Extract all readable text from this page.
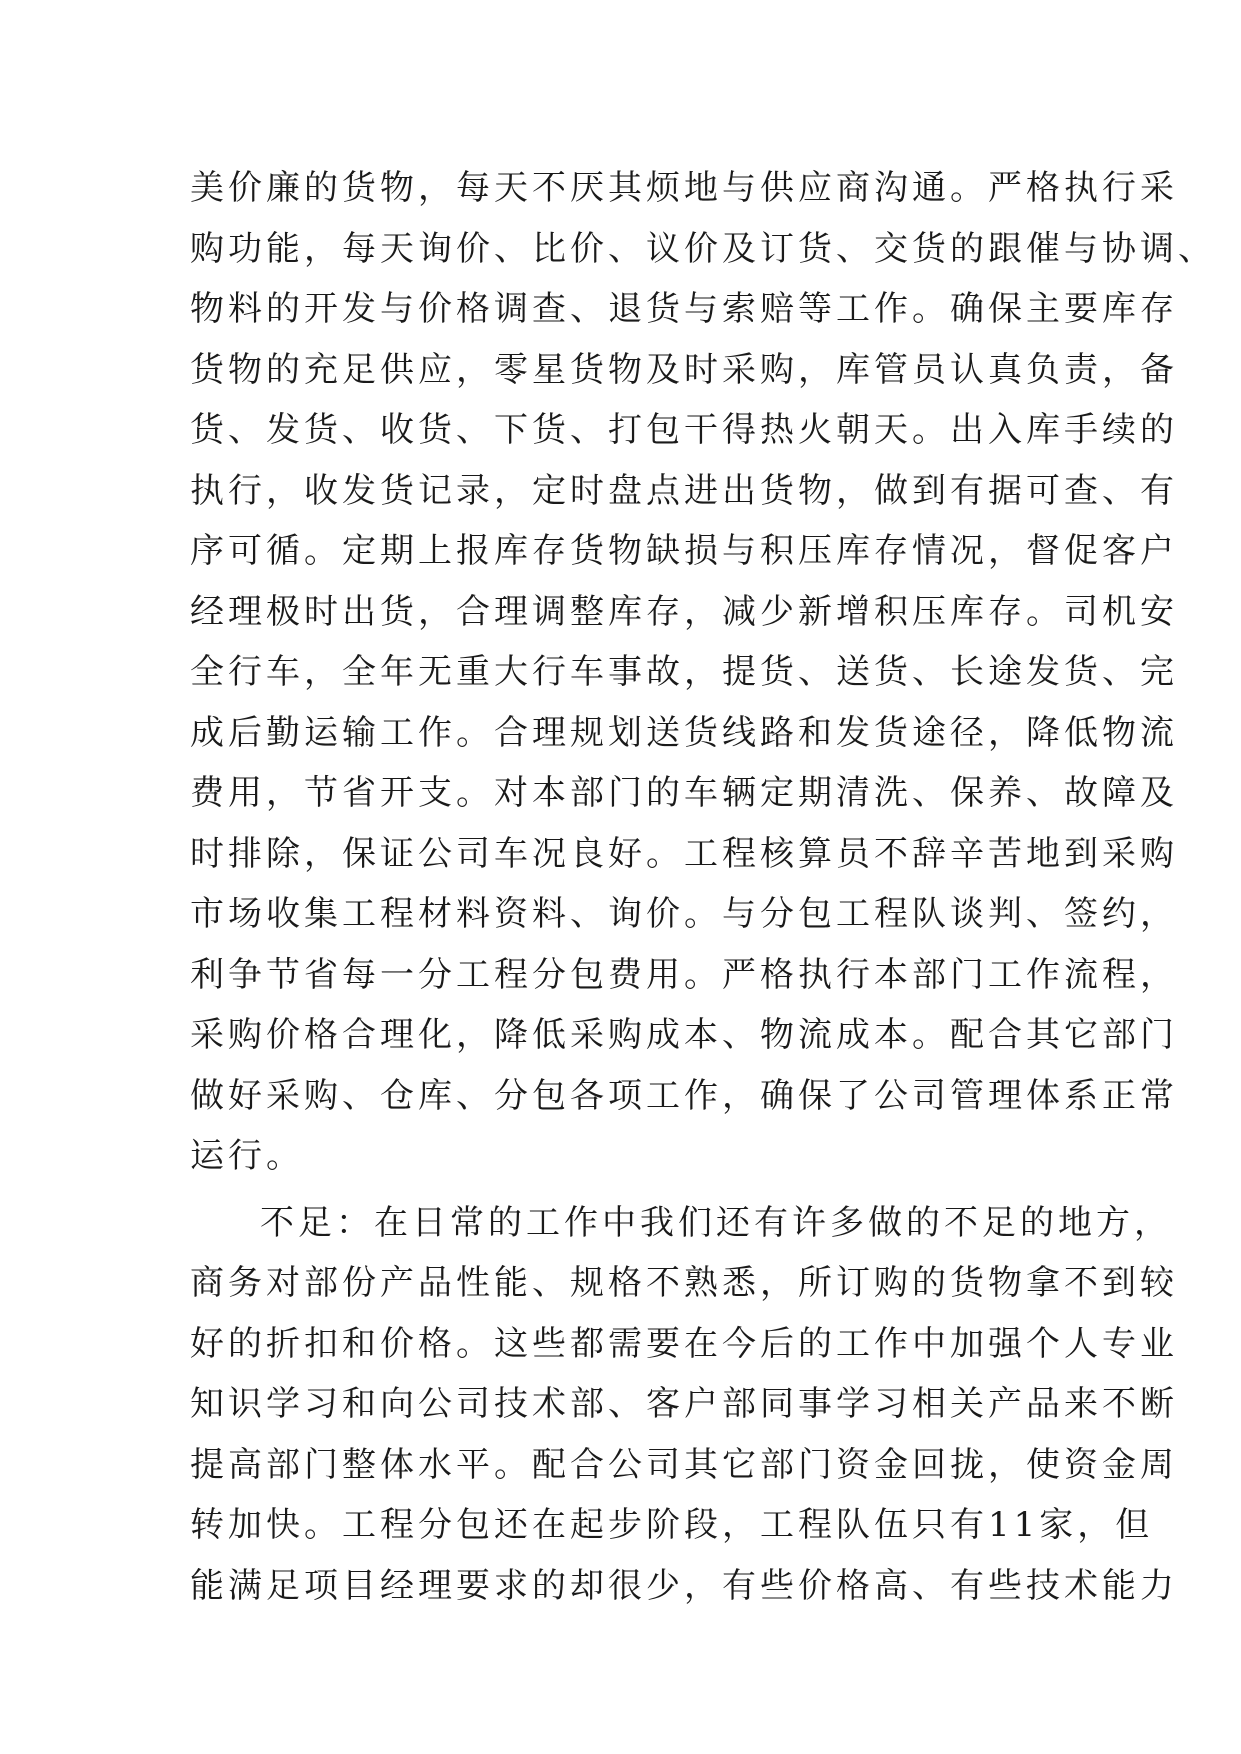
美价廉的货物，每天不厌其烦地与供应商沟通。严格执行采
购功能，每天询价、比价、议价及订货、交货的跟催与协调、
物料的开发与价格调查、退货与索赔等工作。确保主要库存
货物的充足供应，零星货物及时采购，库管员认真负责，备
货、发货、收货、下货、打包干得热火朝天。出入库手续的
执行，收发货记录，定时盘点进出货物，做到有据可查、有
序可循。定期上报库存货物缺损与积压库存情况，督促客户
经理极时出货，合理调整库存，减少新增积压库存。司机安
全行车，全年无重大行车事故，提货、送货、长途发货、完
成后勤运输工作。合理规划送货线路和发货途径，降低物流
费用，节省开支。对本部门的车辆定期清洗、保养、故障及
时排除，保证公司车况良好。工程核算员不辞辛苦地到采购
市场收集工程材料资料、询价。与分包工程队谈判、签约，
利争节省每一分工程分包费用。严格执行本部门工作流程，
采购价格合理化，降低采购成本、物流成本。配合其它部门
做好采购、仓库、分包各项工作，确保了公司管理体系正常
运行。
不足：在日常的工作中我们还有许多做的不足的地方，
商务对部份产品性能、规格不熟悉，所订购的货物拿不到较
好的折扣和价格。这些都需要在今后的工作中加强个人专业
知识学习和向公司技术部、客户部同事学习相关产品来不断
提高部门整体水平。配合公司其它部门资金回拢，使资金周
转加快。工程分包还在起步阶段，工程队伍只有11家，但
能满足项目经理要求的却很少，有些价格高、有些技术能力
